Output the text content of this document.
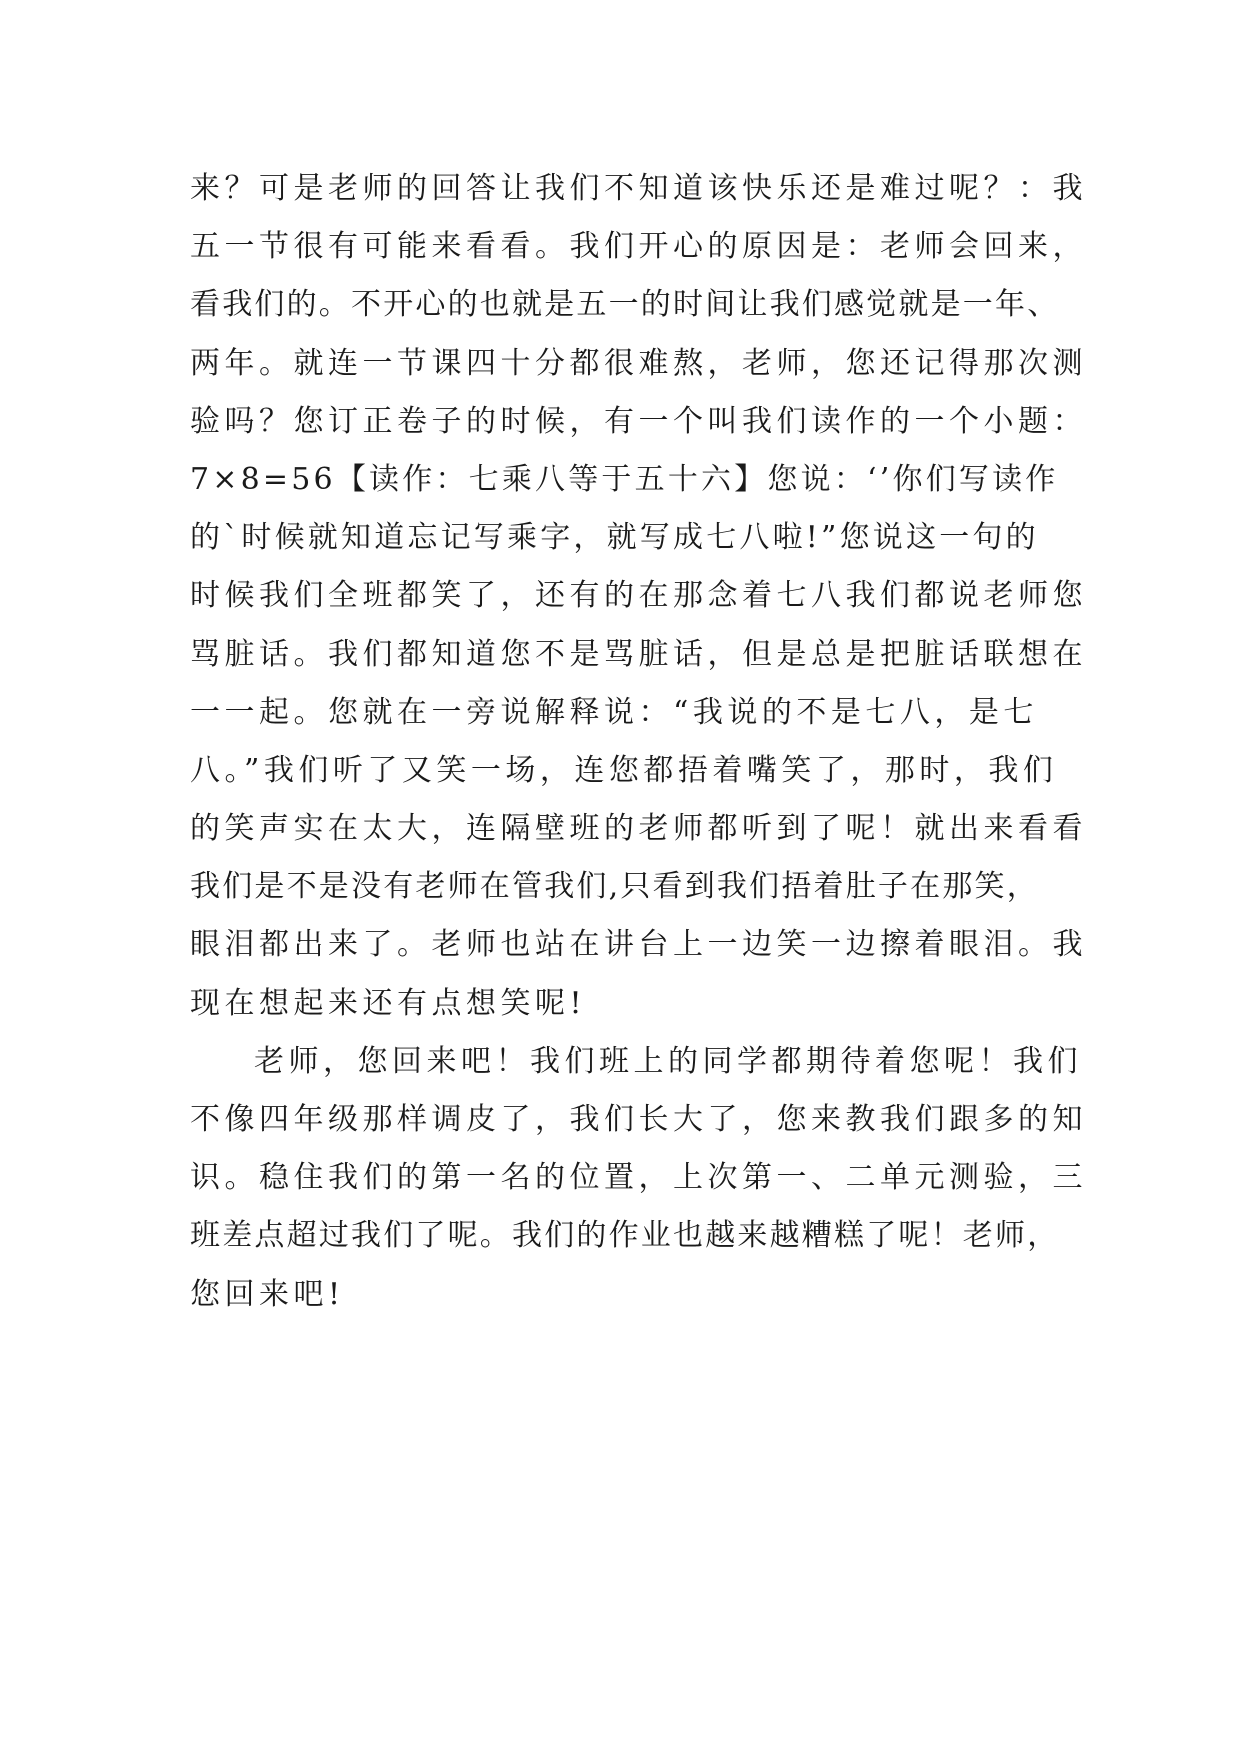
来？可是老师的回答让我们不知道该快乐还是难过呢？：我
五一节很有可能来看看。我们开心的原因是：老师会回来，
看我们的。不开心的也就是五一的时间让我们感觉就是一年、
两年。就连一节课四十分都很难熬，老师，您还记得那次测
验吗？您订正卷子的时候，有一个叫我们读作的一个小题：
7×8=56【读作：七乘八等于五十六】您说：‘’你们写读作
的`时候就知道忘记写乘字，就写成七八啦!”您说这一句的
时候我们全班都笑了，还有的在那念着七八我们都说老师您
骂脏话。我们都知道您不是骂脏话，但是总是把脏话联想在
一一起。您就在一旁说解释说：“我说的不是七八，是七
八。”我们听了又笑一场，连您都捂着嘴笑了，那时，我们
的笑声实在太大，连隔壁班的老师都听到了呢！就出来看看
我们是不是没有老师在管我们,只看到我们捂着肚子在那笑，
眼泪都出来了。老师也站在讲台上一边笑一边擦着眼泪。我
现在想起来还有点想笑呢!
老师，您回来吧！我们班上的同学都期待着您呢！我们
不像四年级那样调皮了，我们长大了，您来教我们跟多的知
识。稳住我们的第一名的位置，上次第一、二单元测验，三
班差点超过我们了呢。我们的作业也越来越糟糕了呢！老师，
您回来吧!
